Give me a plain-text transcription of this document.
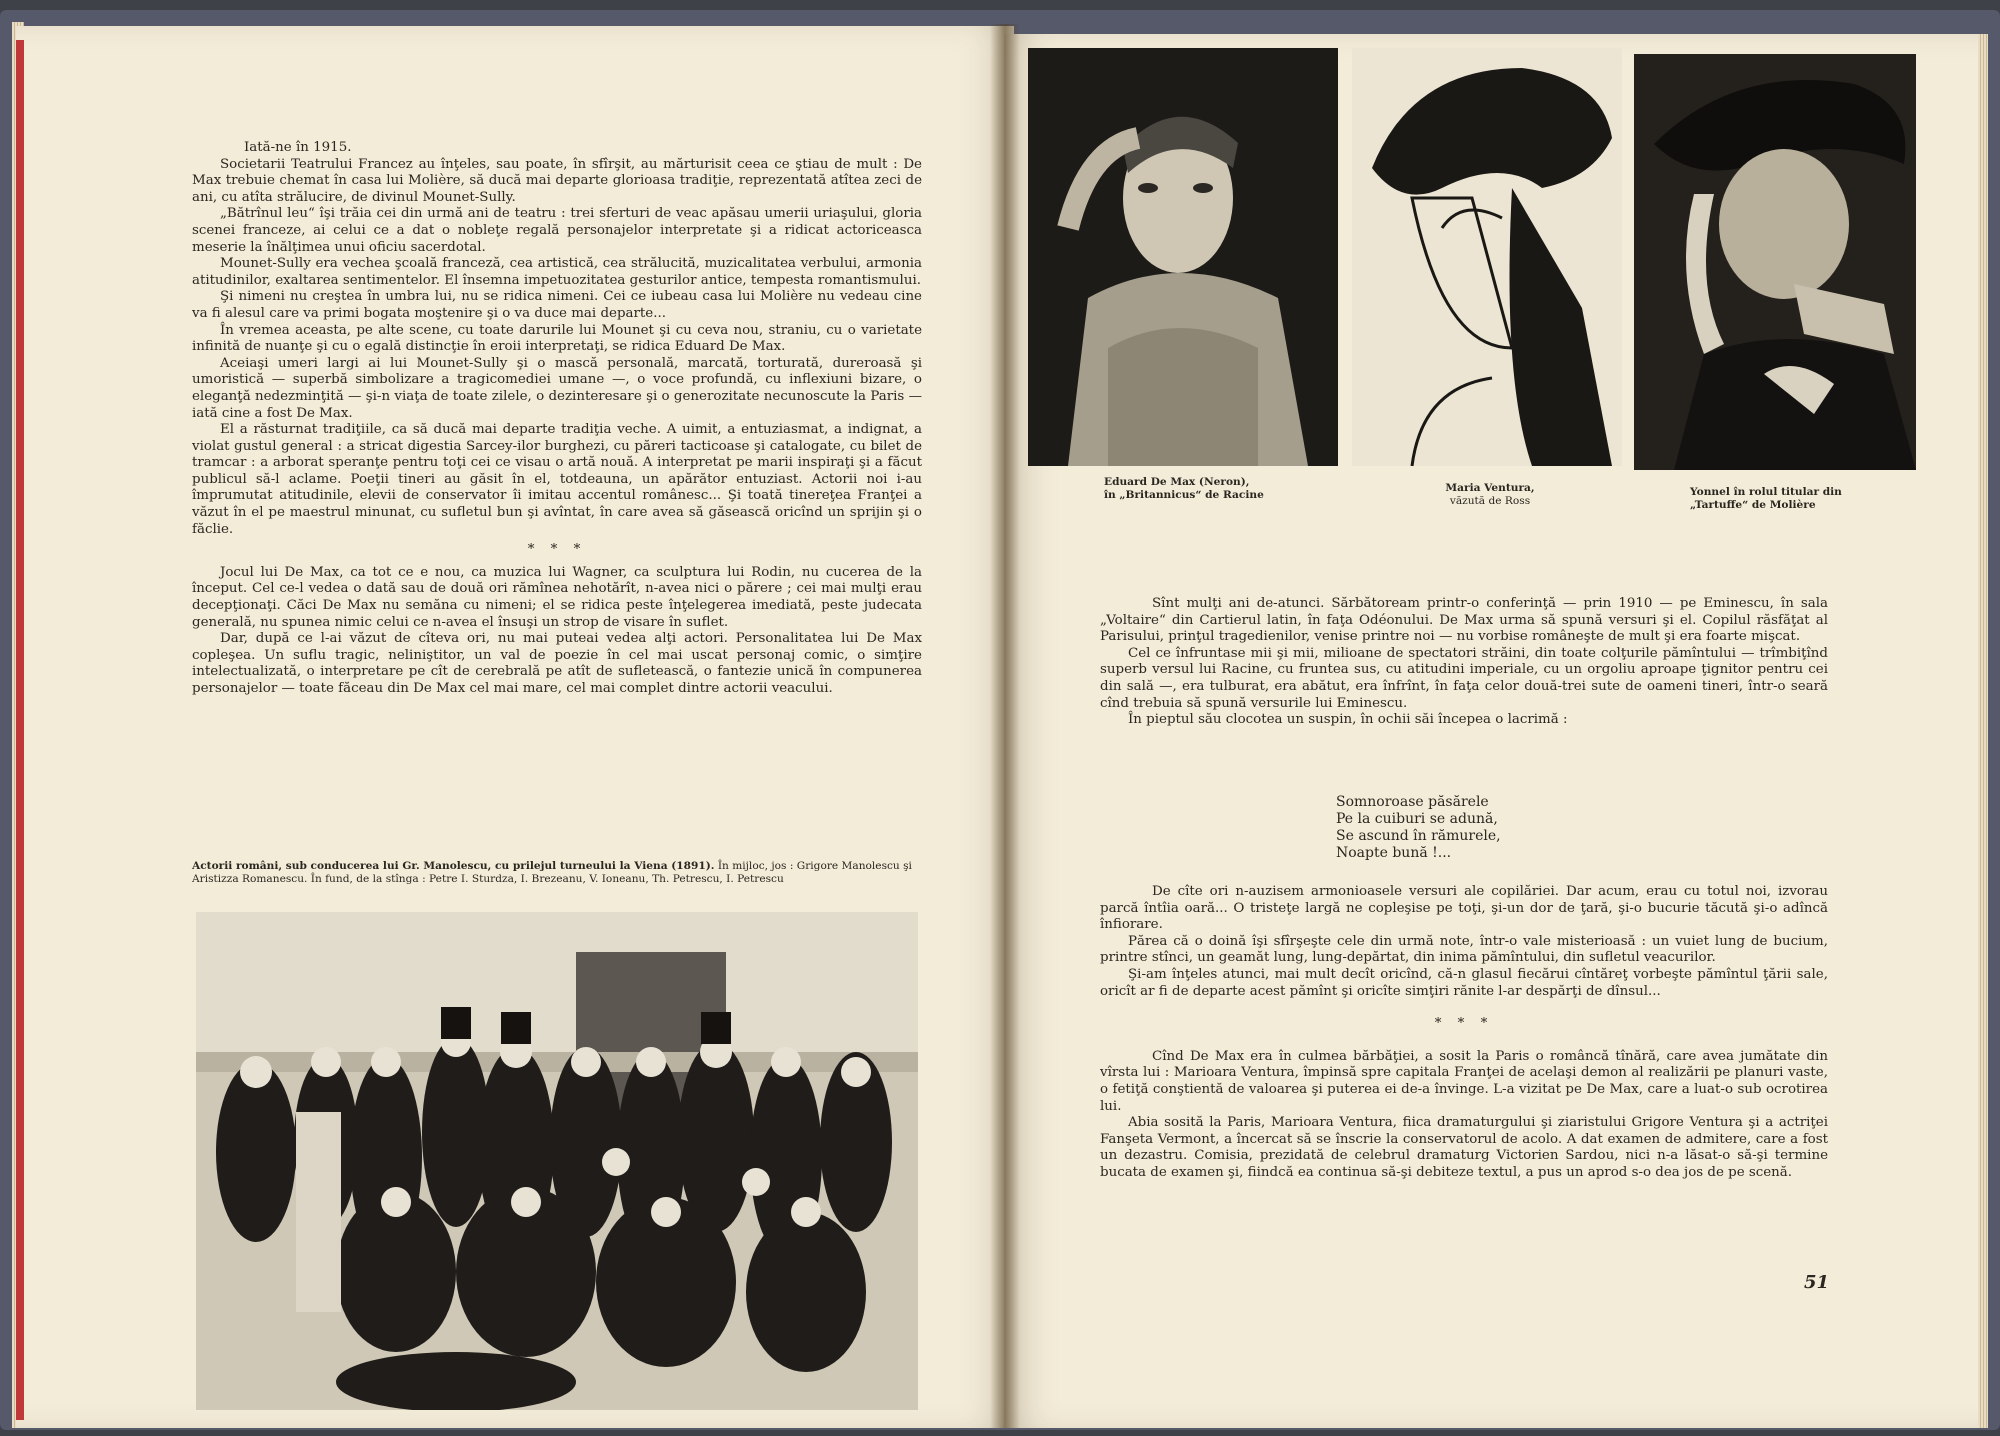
Iată-ne în 1915.

Societarii Teatrului Francez au înţeles, sau poate, în sfîrşit, au mărturisit ceea ce ştiau de mult : De Max trebuie chemat în casa lui Molière, să ducă mai departe glorioasa tradiţie, reprezentată atîtea zeci de ani, cu atîta strălucire, de divinul Mounet-Sully.

„Bătrînul leu“ îşi trăia cei din urmă ani de teatru : trei sferturi de veac apăsau umerii uriaşului, gloria scenei franceze, ai celui ce a dat o nobleţe regală personajelor interpretate şi a ridicat actoriceasca meserie la înălţimea unui oficiu sacerdotal.

Mounet-Sully era vechea şcoală franceză, cea artistică, cea strălucită, muzicalitatea verbului, armonia atitudinilor, exaltarea sentimentelor. El însemna impetuozitatea gesturilor antice, tempesta romantismului.

Şi nimeni nu creştea în umbra lui, nu se ridica nimeni. Cei ce iubeau casa lui Molière nu vedeau cine va fi alesul care va primi bogata moştenire şi o va duce mai departe...

În vremea aceasta, pe alte scene, cu toate darurile lui Mounet şi cu ceva nou, straniu, cu o varietate infinită de nuanţe şi cu o egală distincţie în eroii interpretaţi, se ridica Eduard De Max.

Aceiaşi umeri largi ai lui Mounet-Sully şi o mască personală, marcată, torturată, dureroasă şi umoristică — superbă simbolizare a tragicomediei umane —, o voce profundă, cu inflexiuni bizare, o eleganţă nedezminţită — şi-n viaţa de toate zilele, o dezinteresare şi o generozitate necunoscute la Paris — iată cine a fost De Max.

El a răsturnat tradiţiile, ca să ducă mai departe tradiţia veche. A uimit, a entuziasmat, a indignat, a violat gustul general : a stricat digestia Sarcey-ilor burghezi, cu păreri tacticoase şi catalogate, cu bilet de tramcar : a arborat speranţe pentru toţi cei ce visau o artă nouă. A interpretat pe marii inspiraţi şi a făcut publicul să-l aclame. Poeţii tineri au găsit în el, totdeauna, un apărător entuziast. Actorii noi i-au împrumutat atitudinile, elevii de conservator îi imitau accentul românesc... Şi toată tinereţea Franţei a văzut în el pe maestrul minunat, cu sufletul bun şi avîntat, în care avea să găsească oricînd un sprijin şi o făclie.

* * *

Jocul lui De Max, ca tot ce e nou, ca muzica lui Wagner, ca sculptura lui Rodin, nu cucerea de la început. Cel ce-l vedea o dată sau de două ori rămînea nehotărît, n-avea nici o părere ; cei mai mulţi erau decepţionaţi. Căci De Max nu semăna cu nimeni; el se ridica peste înţelegerea imediată, peste judecata generală, nu spunea nimic celui ce n-avea el însuşi un strop de visare în suflet.

Dar, după ce l-ai văzut de cîteva ori, nu mai puteai vedea alţi actori. Personalitatea lui De Max copleşea. Un suflu tragic, neliniştitor, un val de poezie în cel mai uscat personaj comic, o simţire intelectualizată, o interpretare pe cît de cerebrală pe atît de sufletească, o fantezie unică în compunerea personajelor — toate făceau din De Max cel mai mare, cel mai complet dintre actorii veacului.

Actorii români, sub conducerea lui Gr. Manolescu, cu prilejul turneului la Viena (1891). În mijloc, jos : Grigore Manolescu şi Aristizza Romanescu. În fund, de la stînga : Petre I. Sturdza, I. Brezeanu, V. Ioneanu, Th. Petrescu, I. Petrescu
Eduard De Max (Neron), în „Britannicus“ de Racine
Maria Ventura,
văzută de Ross
Yonnel în rolul titular din „Tartuffe“ de Molière

Sînt mulţi ani de-atunci. Sărbătoream printr-o conferinţă — prin 1910 — pe Eminescu, în sala „Voltaire“ din Cartierul latin, în faţa Odéonului. De Max urma să spună versuri şi el. Copilul răsfăţat al Parisului, prinţul tragedienilor, venise printre noi — nu vorbise româneşte de mult şi era foarte mişcat.

Cel ce înfruntase mii şi mii, milioane de spectatori străini, din toate colţurile pămîntului — trîmbiţînd superb versul lui Racine, cu fruntea sus, cu atitudini imperiale, cu un orgoliu aproape ţignitor pentru cei din sală —, era tulburat, era abătut, era înfrînt, în faţa celor două-trei sute de oameni tineri, într-o seară cînd trebuia să spună versurile lui Eminescu.

În pieptul său clocotea un suspin, în ochii săi începea o lacrimă :

Somnoroase păsărele
Pe la cuiburi se adună,
Se ascund în rămurele,
Noapte bună !...

De cîte ori n-auzisem armonioasele versuri ale copilăriei. Dar acum, erau cu totul noi, izvorau parcă întîia oară... O tristeţe largă ne copleşise pe toţi, şi-un dor de ţară, şi-o bucurie tăcută şi-o adîncă înfiorare.

Părea că o doină îşi sfîrşeşte cele din urmă note, într-o vale misterioasă : un vuiet lung de bucium, printre stînci, un geamăt lung, lung-depărtat, din inima pămîntului, din sufletul veacurilor.

Şi-am înţeles atunci, mai mult decît oricînd, că-n glasul fiecărui cîntăreţ vorbeşte pămîntul ţării sale, oricît ar fi de departe acest pămînt şi oricîte simţiri rănite l-ar despărţi de dînsul...

* * *

Cînd De Max era în culmea bărbăţiei, a sosit la Paris o româncă tînără, care avea jumătate din vîrsta lui : Marioara Ventura, împinsă spre capitala Franţei de acelaşi demon al realizării pe planuri vaste, o fetiţă conştientă de valoarea şi puterea ei de-a învinge. L-a vizitat pe De Max, care a luat-o sub ocrotirea lui.

Abia sosită la Paris, Marioara Ventura, fiica dramaturgului şi ziaristului Grigore Ventura şi a actriţei Fanşeta Vermont, a încercat să se înscrie la conservatorul de acolo. A dat examen de admitere, care a fost un dezastru. Comisia, prezidată de celebrul dramaturg Victorien Sardou, nici n-a lăsat-o să-şi termine bucata de examen şi, fiindcă ea continua să-şi debiteze textul, a pus un aprod s-o dea jos de pe scenă.

51
